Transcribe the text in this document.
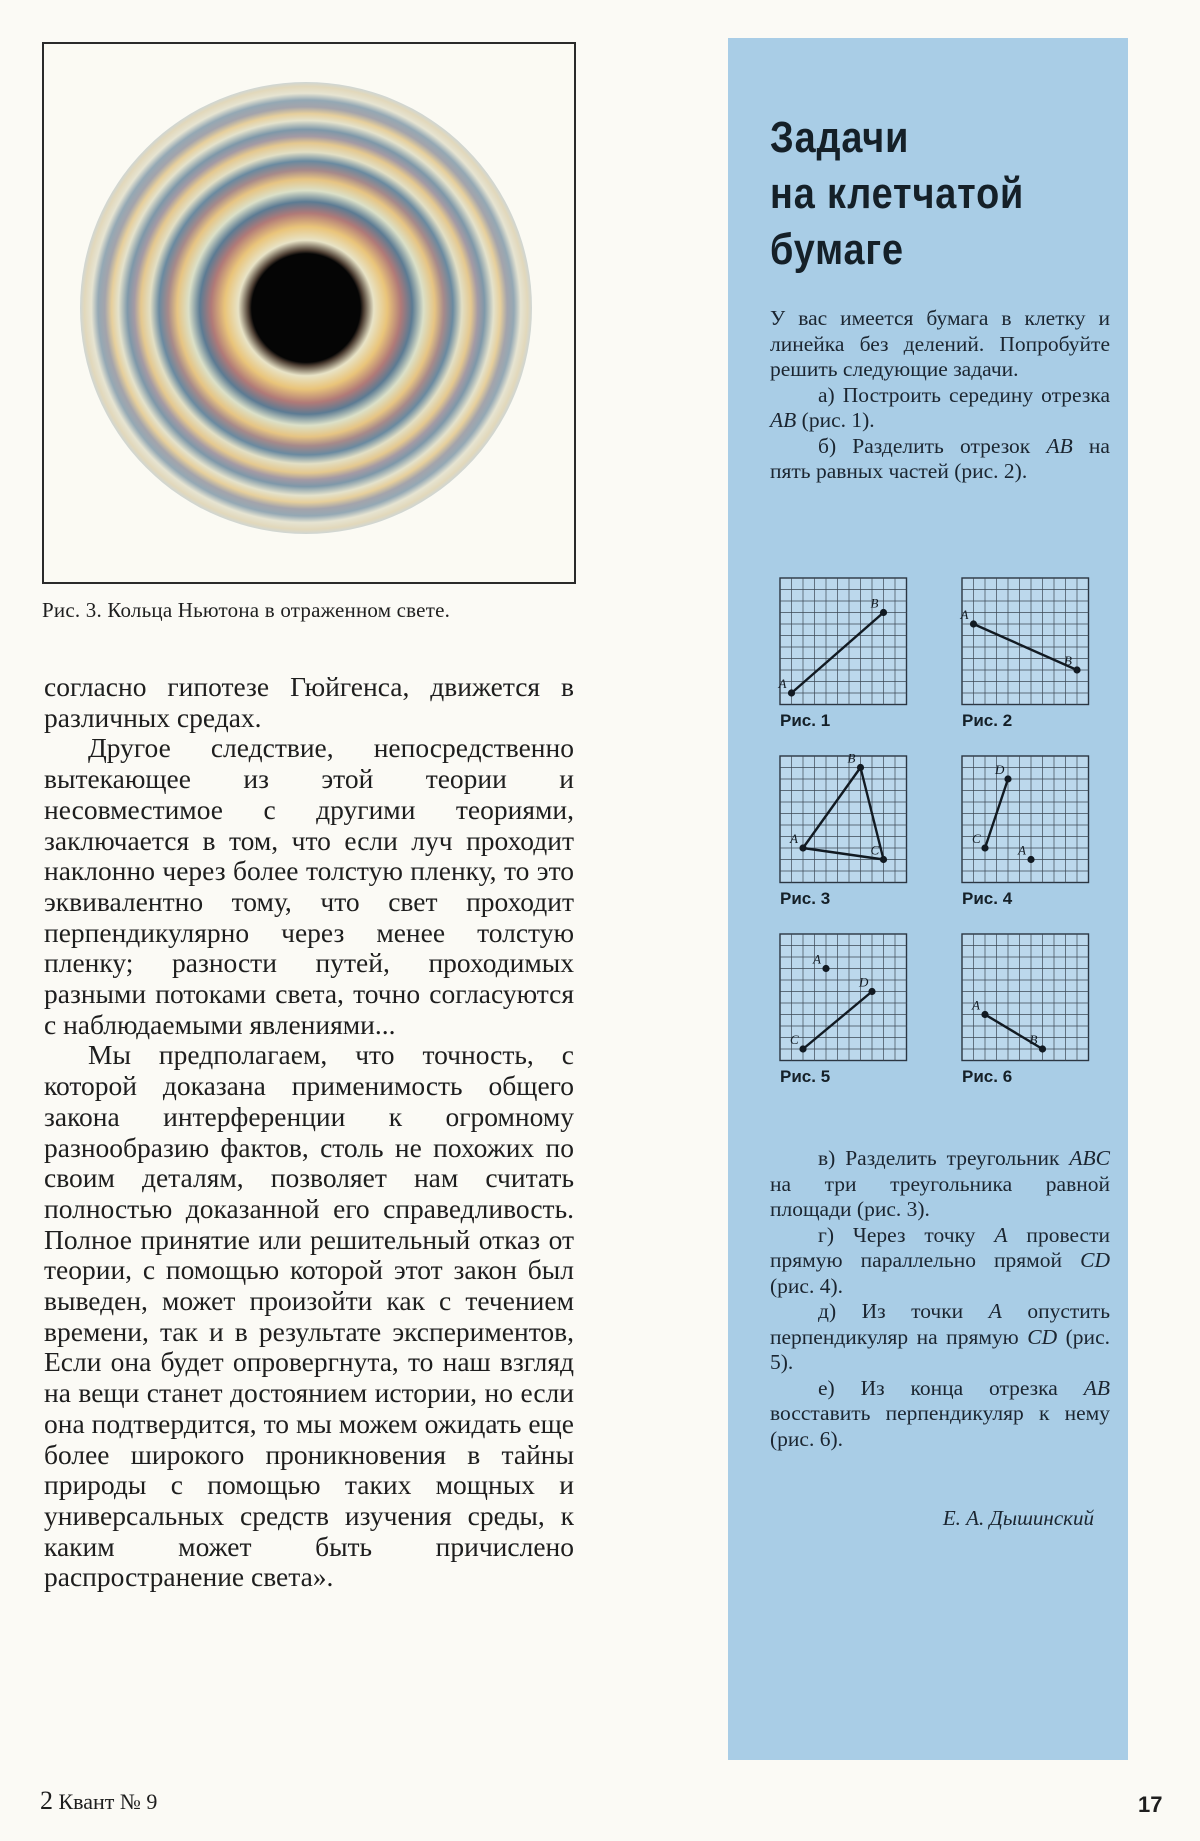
Рис. 3. Кольца Ньютона в отраженном свете.

согласно гипотезе Гюйгенса, движется в различных средах.

Другое следствие, непосредственно вытекающее из этой теории и несовместимое с другими теориями, заключается в том, что если луч проходит наклонно через более толстую пленку, то это эквивалентно тому, что свет проходит перпендикулярно через менее толстую пленку; разности путей, проходимых разными потоками света, точно согласуются с наблюдаемыми явлениями...

Мы предполагаем, что точность, с которой доказана применимость общего закона интерференции к огромному разнообразию фактов, столь не похожих по своим деталям, позволяет нам считать полностью доказанной его справедливость. Полное принятие или решительный отказ от теории, с помощью которой этот закон был выведен, может произойти как с течением времени, так и в результате экспериментов, Если она будет опровергнута, то наш взгляд на вещи станет достоянием истории, но если она подтвердится, то мы можем ожидать еще более широкого проникновения в тайны природы с помощью таких мощных и универсальных средств изучения среды, к каким может быть причислено распространение света».

2 Квант № 9	17
Задачи
на клетчатой
бумаге

У вас имеется бумага в клетку и линейка без делений. Попробуйте решить следующие задачи.

а) Построить середину отрезка AB (рис. 1).

б) Разделить отрезок AB на пять равных частей (рис. 2).

A
B
A
B
A
B
C
C
D
A
A
C
D
A
B

в) Разделить треугольник ABC на три треугольника равной площади (рис. 3).

г) Через точку A провести прямую параллельно прямой CD (рис. 4).

д) Из точки A опустить перпендикуляр на прямую CD (рис. 5).

е) Из конца отрезка AB восставить перпендикуляр к нему (рис. 6).

Е. А. Дышинский
Рис. 1	Рис. 2
Рис. 3	Рис. 4
Рис. 5	Рис. 6
